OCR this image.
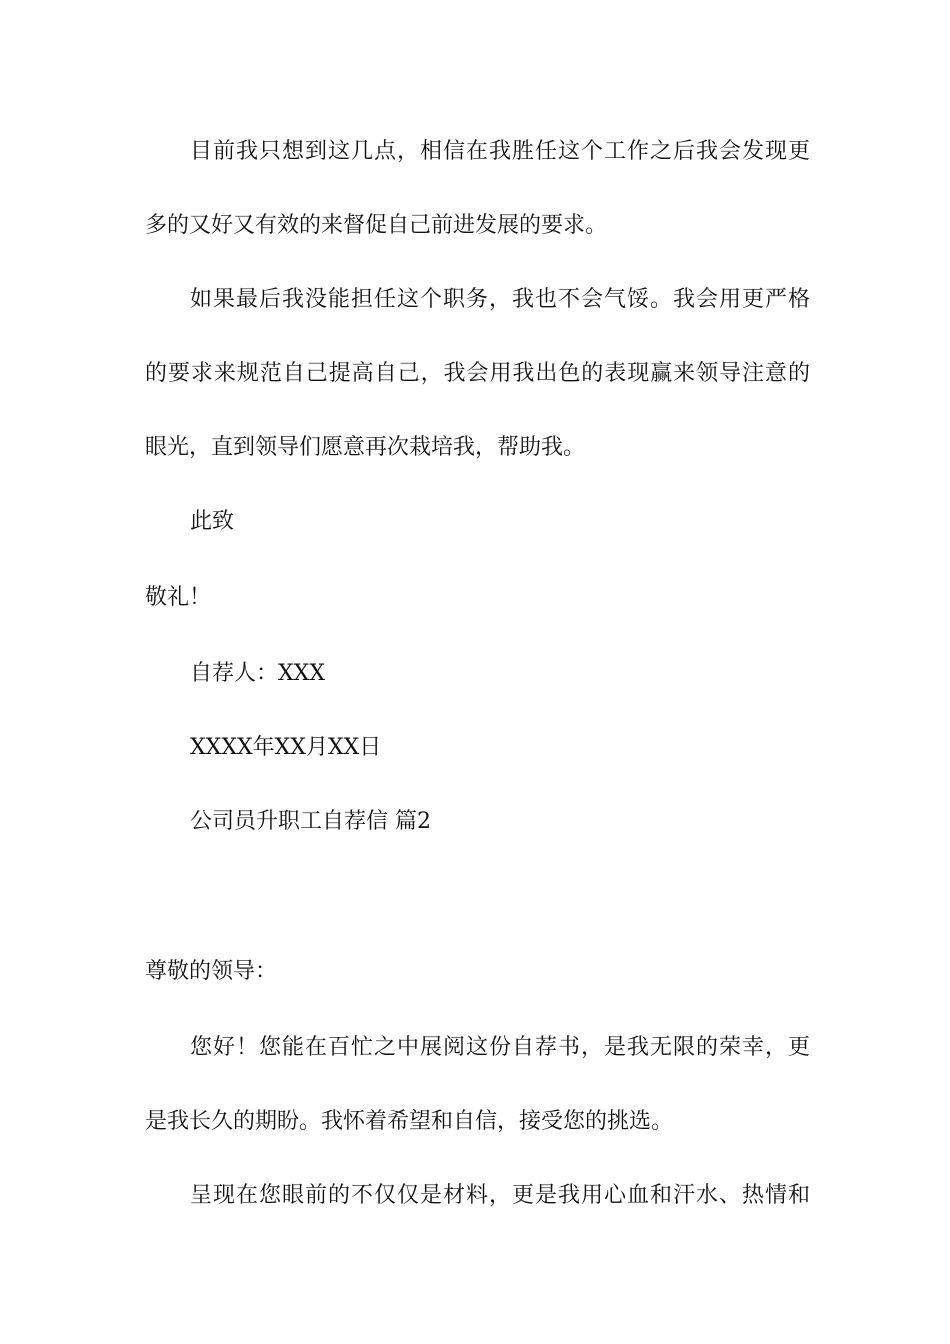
目前我只想到这几点，相信在我胜任这个工作之后我会发现更
多的又好又有效的来督促自己前进发展的要求。
如果最后我没能担任这个职务，我也不会气馁。我会用更严格
的要求来规范自己提高自己，我会用我出色的表现赢来领导注意的
眼光，直到领导们愿意再次栽培我，帮助我。
此致
敬礼！
自荐人：XXX
XXXX年XX月XX日
公司员升职工自荐信 篇2
尊敬的领导：
您好！您能在百忙之中展阅这份自荐书，是我无限的荣幸，更
是我长久的期盼。我怀着希望和自信，接受您的挑选。
呈现在您眼前的不仅仅是材料，更是我用心血和汗水、热情和
